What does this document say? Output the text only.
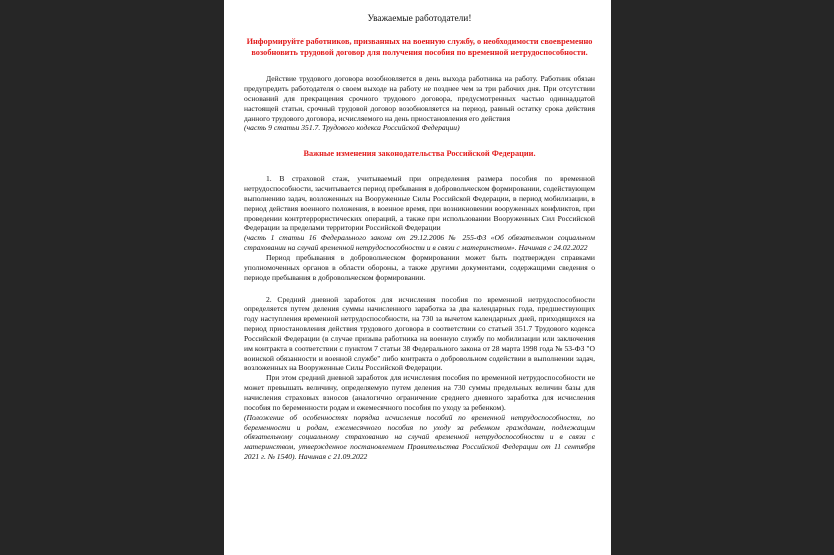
Уважаемые работодатели!

Информируйте работников, призванных на военную службу, о необходимости своевременно возобновить трудовой договор для получения пособия по временной нетрудоспособности.

Действие трудового договора возобновляется в день выхода работника на работу. Работник обязан предупредить работодателя о своем выходе на работу не позднее чем за три рабочих дня. При отсутствии оснований для прекращения срочного трудового договора, предусмотренных частью одиннадцатой настоящей статьи, срочный трудовой договор возобновляется на период, равный остатку срока действия данного трудового договора, исчисляемого на день приостановления его действия

(часть 9 статьи 351.7. Трудового кодекса Российской Федерации)

Важные изменения законодательства Российской Федерации.

1. В страховой стаж, учитываемый при определения размера пособия по временной нетрудоспособности, засчитывается период пребывания в добровольческом формировании, содействующем выполнению задач, возложенных на Вооруженные Силы Российской Федерации, в период мобилизации, в период действия военного положения, в военное время, при возникновении вооруженных конфликтов, при проведении контртеррористических операций, а также при использовании Вооруженных Сил Российской Федерации за пределами территории Российской Федерации

(часть 1 статьи 16 Федерального закона от 29.12.2006 № 255-ФЗ «Об обязательном социальном страховании на случай временной нетрудоспособности и в связи с материнством». Начиная с 24.02.2022

Период пребывания в добровольческом формировании может быть подтвержден справками уполномоченных органов в области обороны, а также другими документами, содержащими сведения о периоде пребывания в добровольческом формировании.

2. Средний дневной заработок для исчисления пособия по временной нетрудоспособности определяется путем деления суммы начисленного заработка за два календарных года, предшествующих году наступления временной нетрудоспособности, на 730 за вычетом календарных дней, приходящихся на период приостановления действия трудового договора в соответствии со статьей 351.7 Трудового кодекса Российской Федерации (в случае призыва работника на военную службу по мобилизации или заключения им контракта в соответствии с пунктом 7 статьи 38 Федерального закона от 28 марта 1998 года № 53-ФЗ "О воинской обязанности и военной службе" либо контракта о добровольном содействии в выполнении задач, возложенных на Вооруженные Силы Российской Федерации.

При этом средний дневной заработок для исчисления пособия по временной нетрудоспособности не может превышать величину, определяемую путем деления на 730 суммы предельных величин базы для начисления страховых взносов (аналогично ограничение среднего дневного заработка для исчисления пособия по беременности родам и ежемесячного пособия по уходу за ребенком).

(Положение об особенностях порядка исчисления пособий по временной нетрудоспособности, по беременности и родам, ежемесячного пособия по уходу за ребенком гражданам, подлежащим обязательному социальному страхованию на случай временной нетрудоспособности и в связи с материнством, утвержденное постановлением Правительства Российской Федерации от 11 сентября 2021 г. № 1540). Начиная с 21.09.2022
